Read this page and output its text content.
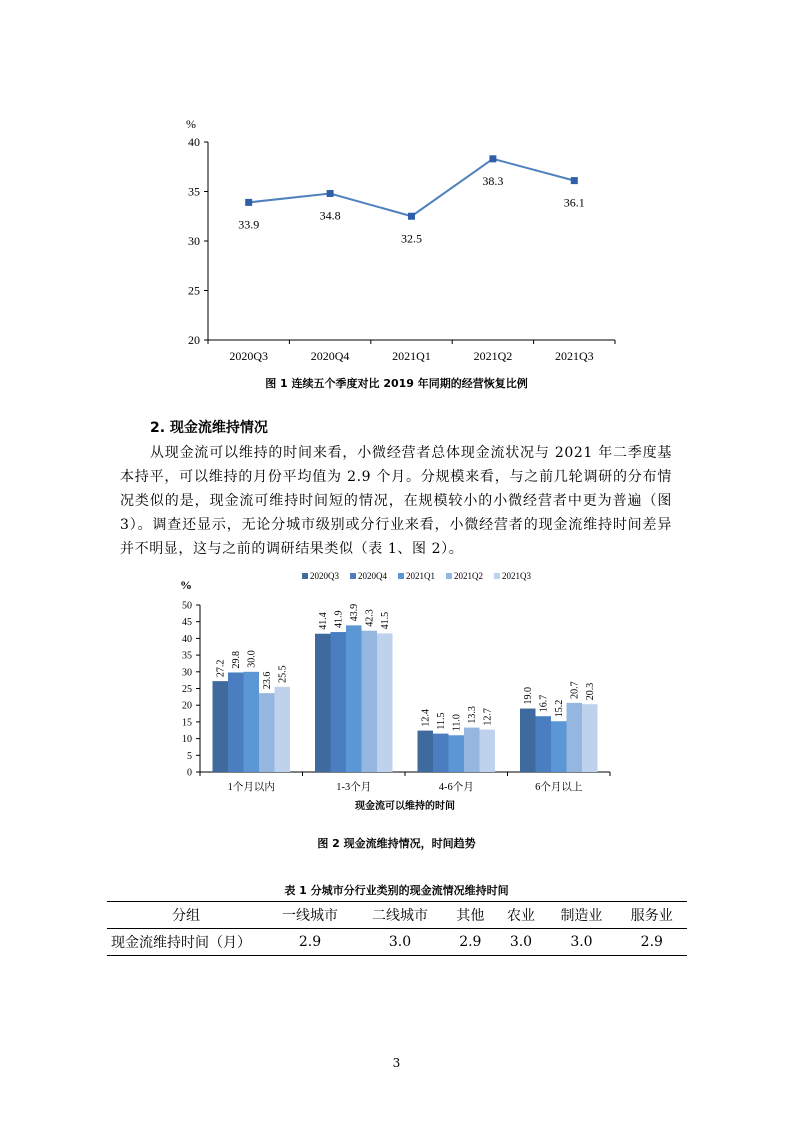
%
20
25
30
35
40
2020Q3	2020Q4	2021Q1	2021Q2	2021Q3
33.9
34.8
32.5
38.3
36.1
图 1 连续五个季度对比 2019 年同期的经营恢复比例
2. 现金流维持情况
从现金流可以维持的时间来看，小微经营者总体现金流状况与 2021 年二季度基本持平，可以维持的月份平均值为 2.9 个月。分规模来看，与之前几轮调研的分布情况类似的是，现金流可维持时间短的情况，在规模较小的小微经营者中更为普遍（图 3）。调查还显示，无论分城市级别或分行业来看，小微经营者的现金流维持时间差异并不明显，这与之前的调研结果类似（表 1、图 2）。
%
2020Q3 2020Q4 2021Q1 2021Q2 2021Q3
0
5
10
15
20
25
30
35
40
45
50
27.2 29.8 30.0
23.6 25.5
1个月以内
41.4 41.9 43.9 42.3 41.5
1-3个月
12.4 11.5 11.0 13.3 12.7
4-6个月
19.0 16.7 15.2
20.7 20.3
6个月以上
现金流可以维持的时间
图 2 现金流维持情况，时间趋势
表 1 分城市分行业类别的现金流情况维持时间
分组	一线城市	二线城市	其他	农业	制造业	服务业
现金流维持时间（月）	2.9	3.0	2.9	3.0	3.0	2.9
3
